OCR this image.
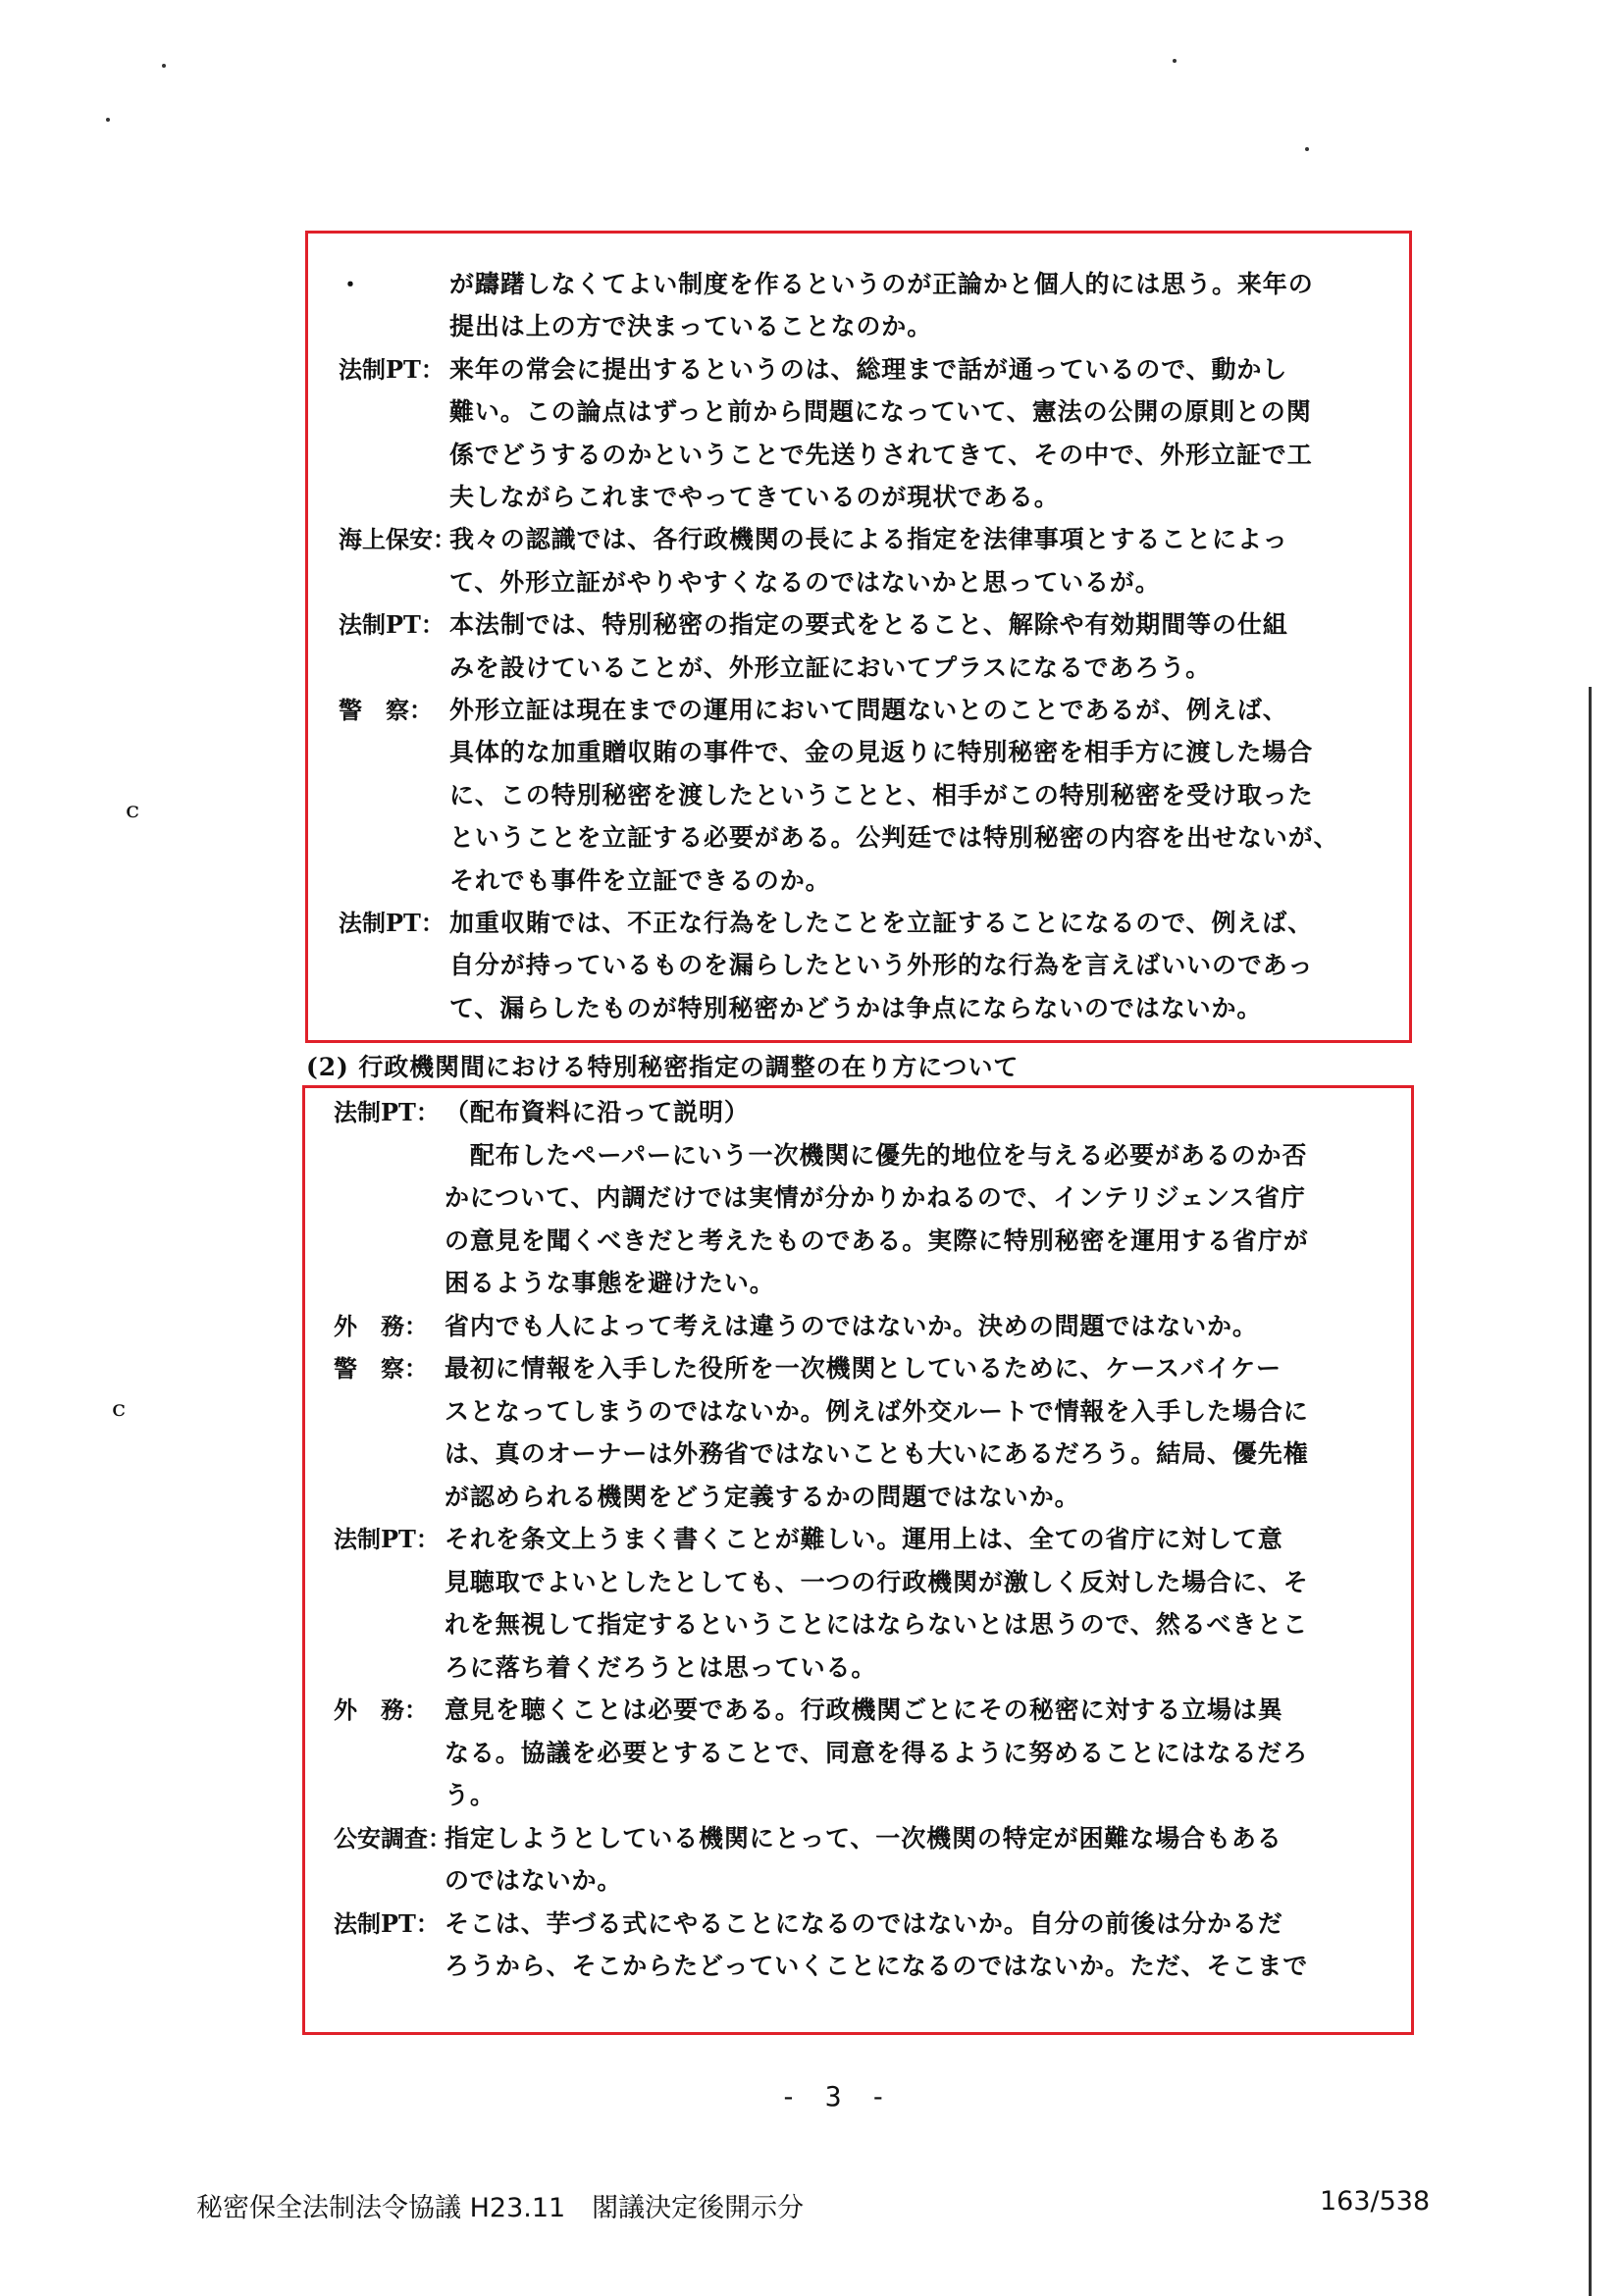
ᶜ
ᶜ
・	が躊躇しなくてよい制度を作るというのが正論かと個人的には思う。来年の
提出は上の方で決まっていることなのか。
法制PT： 来年の常会に提出するというのは、総理まで話が通っているので、動かし
難い。この論点はずっと前から問題になっていて、憲法の公開の原則との関
係でどうするのかということで先送りされてきて、その中で、外形立証で工
夫しながらこれまでやってきているのが現状である。
海上保安：
我々の認識では、各行政機関の長による指定を法律事項とすることによっ
て、外形立証がやりやすくなるのではないかと思っているが。
法制PT： 本法制では、特別秘密の指定の要式をとること、解除や有効期間等の仕組
みを設けていることが、外形立証においてプラスになるであろう。
警　察： 外形立証は現在までの運用において問題ないとのことであるが、例えば、
具体的な加重贈収賄の事件で、金の見返りに特別秘密を相手方に渡した場合
に、この特別秘密を渡したということと、相手がこの特別秘密を受け取った
ということを立証する必要がある。公判廷では特別秘密の内容を出せないが、
それでも事件を立証できるのか。
法制PT： 加重収賄では、不正な行為をしたことを立証することになるので、例えば、
自分が持っているものを漏らしたという外形的な行為を言えばいいのであっ
て、漏らしたものが特別秘密かどうかは争点にならないのではないか。
(2) 行政機関間における特別秘密指定の調整の在り方について
法制PT： （配布資料に沿って説明）
　配布したペーパーにいう一次機関に優先的地位を与える必要があるのか否
かについて、内調だけでは実情が分かりかねるので、インテリジェンス省庁
の意見を聞くべきだと考えたものである。実際に特別秘密を運用する省庁が
困るような事態を避けたい。
外　務： 省内でも人によって考えは違うのではないか。決めの問題ではないか。
警　察： 最初に情報を入手した役所を一次機関としているために、ケースバイケー
スとなってしまうのではないか。例えば外交ルートで情報を入手した場合に
は、真のオーナーは外務省ではないことも大いにあるだろう。結局、優先権
が認められる機関をどう定義するかの問題ではないか。
法制PT： それを条文上うまく書くことが難しい。運用上は、全ての省庁に対して意
見聴取でよいとしたとしても、一つの行政機関が激しく反対した場合に、そ
れを無視して指定するということにはならないとは思うので、然るべきとこ
ろに落ち着くだろうとは思っている。
外　務： 意見を聴くことは必要である。行政機関ごとにその秘密に対する立場は異
なる。協議を必要とすることで、同意を得るように努めることにはなるだろ
う。
公安調査：
指定しようとしている機関にとって、一次機関の特定が困難な場合もある
のではないか。
法制PT： そこは、芋づる式にやることになるのではないか。自分の前後は分かるだ
ろうから、そこからたどっていくことになるのではないか。ただ、そこまで
- 3 -
秘密保全法制法令協議 H23.11　閣議決定後開示分	163/538
